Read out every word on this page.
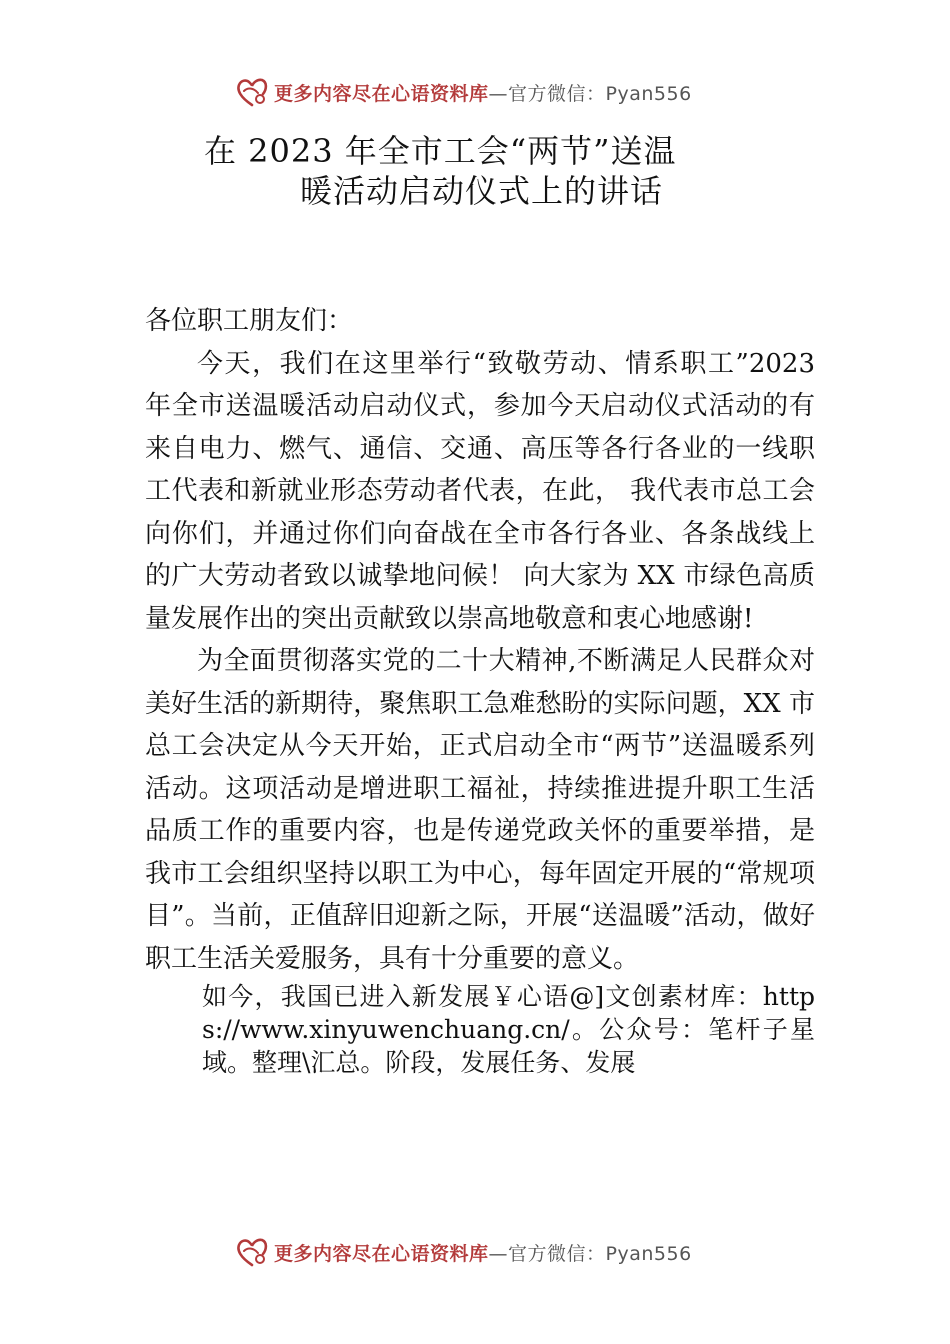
更多内容尽在心语资料库—官方微信：Pyan556
在 2023 年全市工会“两节”送温
暖活动启动仪式上的讲话

各位职工朋友们：

今天，我们在这里举行“致敬劳动、情系职工”2023 年全市送温暖活动启动仪式，参加今天启动仪式活动的有来自电力、燃气、通信、交通、高压等各行各业的一线职工代表和新就业形态劳动者代表，在此， 我代表市总工会向你们，并通过你们向奋战在全市各行各业、各条战线上的广大劳动者致以诚挚地问候！ 向大家为 XX 市绿色高质量发展作出的突出贡献致以崇高地敬意和衷心地感谢!

为全面贯彻落实党的二十大精神,不断满足人民群众对美好生活的新期待，聚焦职工急难愁盼的实际问题，XX 市总工会决定从今天开始，正式启动全市“两节”送温暖系列活动。这项活动是增进职工福祉，持续推进提升职工生活品质工作的重要内容，也是传递党政关怀的重要举措，是我市工会组织坚持以职工为中心，每年固定开展的“常规项目”。当前，正值辞旧迎新之际，开展“送温暖”活动，做好职工生活关爱服务，具有十分重要的意义。

如今，我国已进入新发展￥心语@]文创素材库：https://www.xinyuwenchuang.cn/。公众号：笔杆子星域。整理\汇总。阶段，发展任务、发展

更多内容尽在心语资料库—官方微信：Pyan556
